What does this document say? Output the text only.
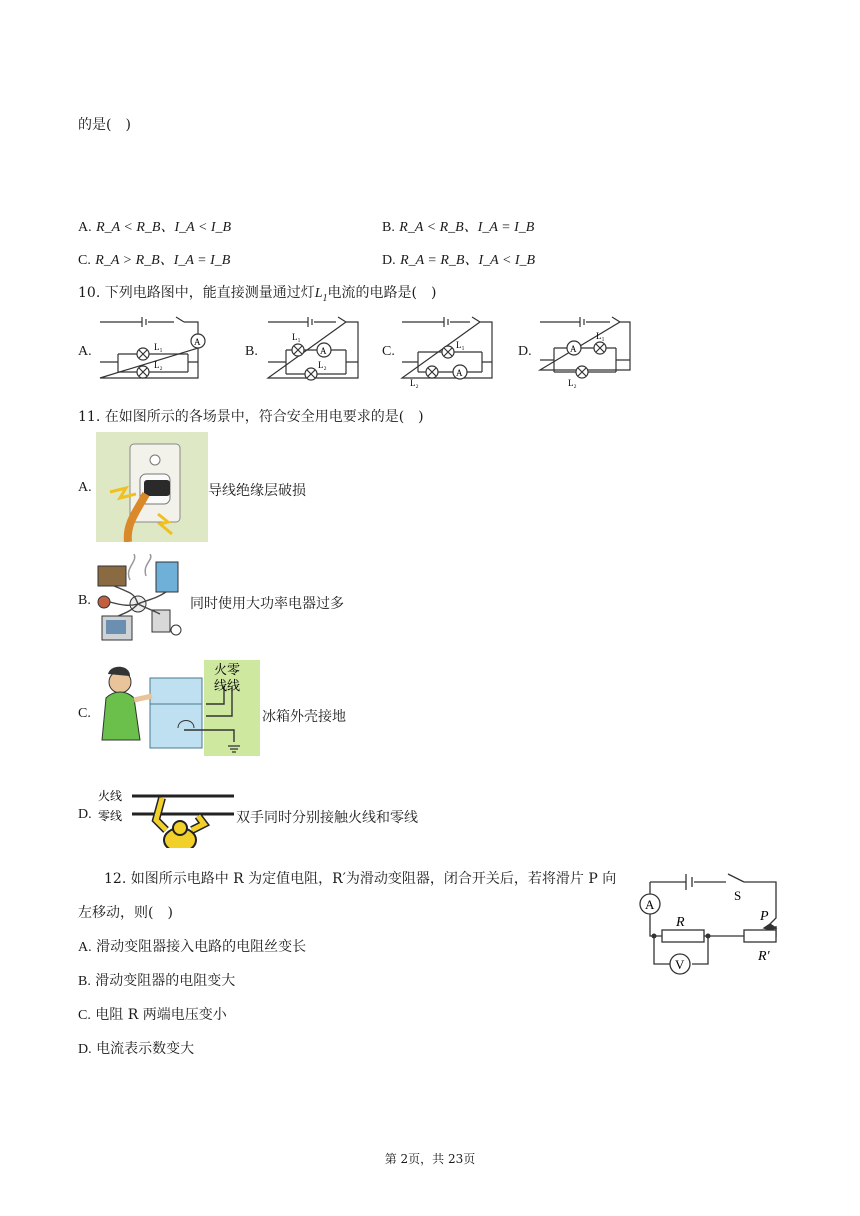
的是(　)
A. R_A < R_B、I_A < I_B	B. R_A < R_B、I_A = I_B
C. R_A > R_B、I_A = I_B	D. R_A = R_B、I_A < I_B
10. 下列电路图中，能直接测量通过灯$L_1$电流的电路是(　)
A.	B.	C.	D.
A
L₁
L₂
A
L₁
L₂
A
L₁
L₂
A
L₁
L₂
11. 在如图所示的各场景中，符合安全用电要求的是(　)
A.	导线绝缘层破损
B.	同时使用大功率电器过多
C.
火零
线线
冰箱外壳接地
D.
火线
零线	双手同时分别接触火线和零线
12. 如图所示电路中 R 为定值电阻，R′为滑动变阻器，闭合开关后，若将滑片 P 向
左移动，则(　)
A. 滑动变阻器接入电路的电阻丝变长
B. 滑动变阻器的电阻变大
C. 电阻 R 两端电压变小
D. 电流表示数变大
A
V
R
R′
P
S
第 2页，共 23页
